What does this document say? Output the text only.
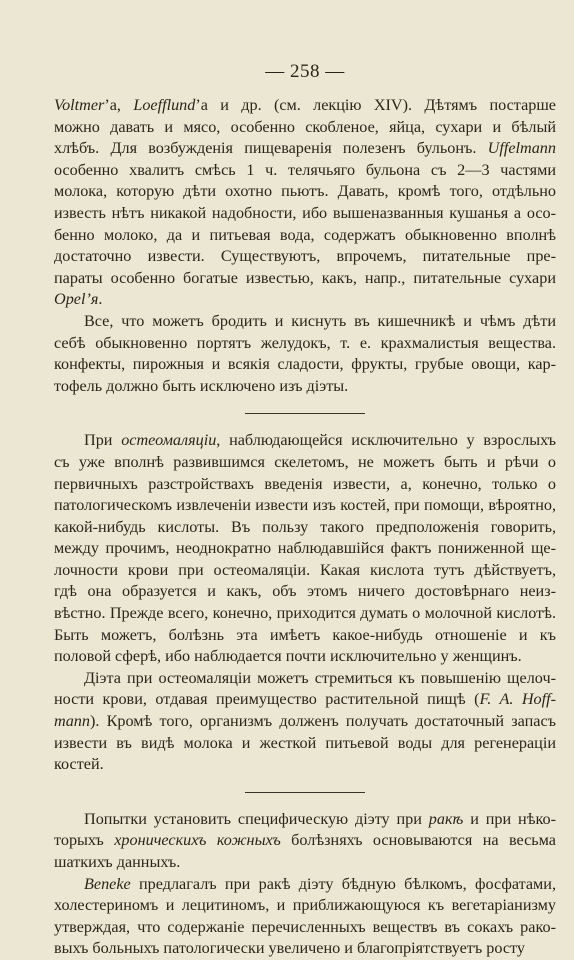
— 258 —
Voltmer’а, Loefflund’а и др. (см. лекцію XIV). Дѣтямъ постарше
можно давать и мясо, особенно скобленое, яйца, сухари и бѣлый
хлѣбъ. Для возбужденія пищеваренія полезенъ бульонъ. Uffelmann
особенно хвалитъ смѣсь 1 ч. телячьяго бульона съ 2—3 частями
молока, которую дѣти охотно пьютъ. Давать, кромѣ того, отдѣльно
известь нѣтъ никакой надобности, ибо вышеназванныя кушанья а осо-
бенно молоко, да и питьевая вода, содержатъ обыкновенно вполнѣ
достаточно извести. Существуютъ, впрочемъ, питательные пре-
параты особенно богатые известью, какъ, напр., питательные сухари
Opel’я.
Все, что можетъ бродить и киснуть въ кишечникѣ и чѣмъ дѣти
себѣ обыкновенно портятъ желудокъ, т. е. крахмалистыя вещества.
конфекты, пирожныя и всякія сладости, фрукты, грубые овощи, кар-
тофель должно быть исключено изъ діэты.
При остеомаляціи, наблюдающейся исключительно у взрослыхъ
съ уже вполнѣ развившимся скелетомъ, не можетъ быть и рѣчи о
первичныхъ разстройствахъ введенія извести, а, конечно, только о
патологическомъ извлеченіи извести изъ костей, при помощи, вѣроятно,
какой-нибудь кислоты. Въ пользу такого предположенія говорить,
между прочимъ, неоднократно наблюдавшійся фактъ пониженной ще-
лочности крови при остеомаляціи. Какая кислота тутъ дѣйствуетъ,
гдѣ она образуется и какъ, объ этомъ ничего достовѣрнаго неиз-
вѣстно. Прежде всего, конечно, приходится думать о молочной кислотѣ.
Быть можетъ, болѣзнь эта имѣетъ какое-нибудь отношеніе и къ
половой сферѣ, ибо наблюдается почти исключительно у женщинъ.
Діэта при остеомаляціи можетъ стремиться къ повышенію щелоч-
ности крови, отдавая преимущество растительной пищѣ (F. A. Hoff-
mann). Кромѣ того, организмъ долженъ получать достаточный запасъ
извести въ видѣ молока и жесткой питьевой воды для регенераціи
костей.
Попытки установить специфическую діэту при ракѣ и при нѣко-
торыхъ хроническихъ кожныхъ болѣзняхъ основываются на весьма
шаткихъ данныхъ.
Beneke предлагалъ при ракѣ діэту бѣдную бѣлкомъ, фосфатами,
холестериномъ и лецитиномъ, и приближающуюся къ вегетаріанизму
утверждая, что содержаніе перечисленныхъ веществъ въ сокахъ рако-
выхъ больныхъ патологически увеличено и благопріятствуетъ росту
